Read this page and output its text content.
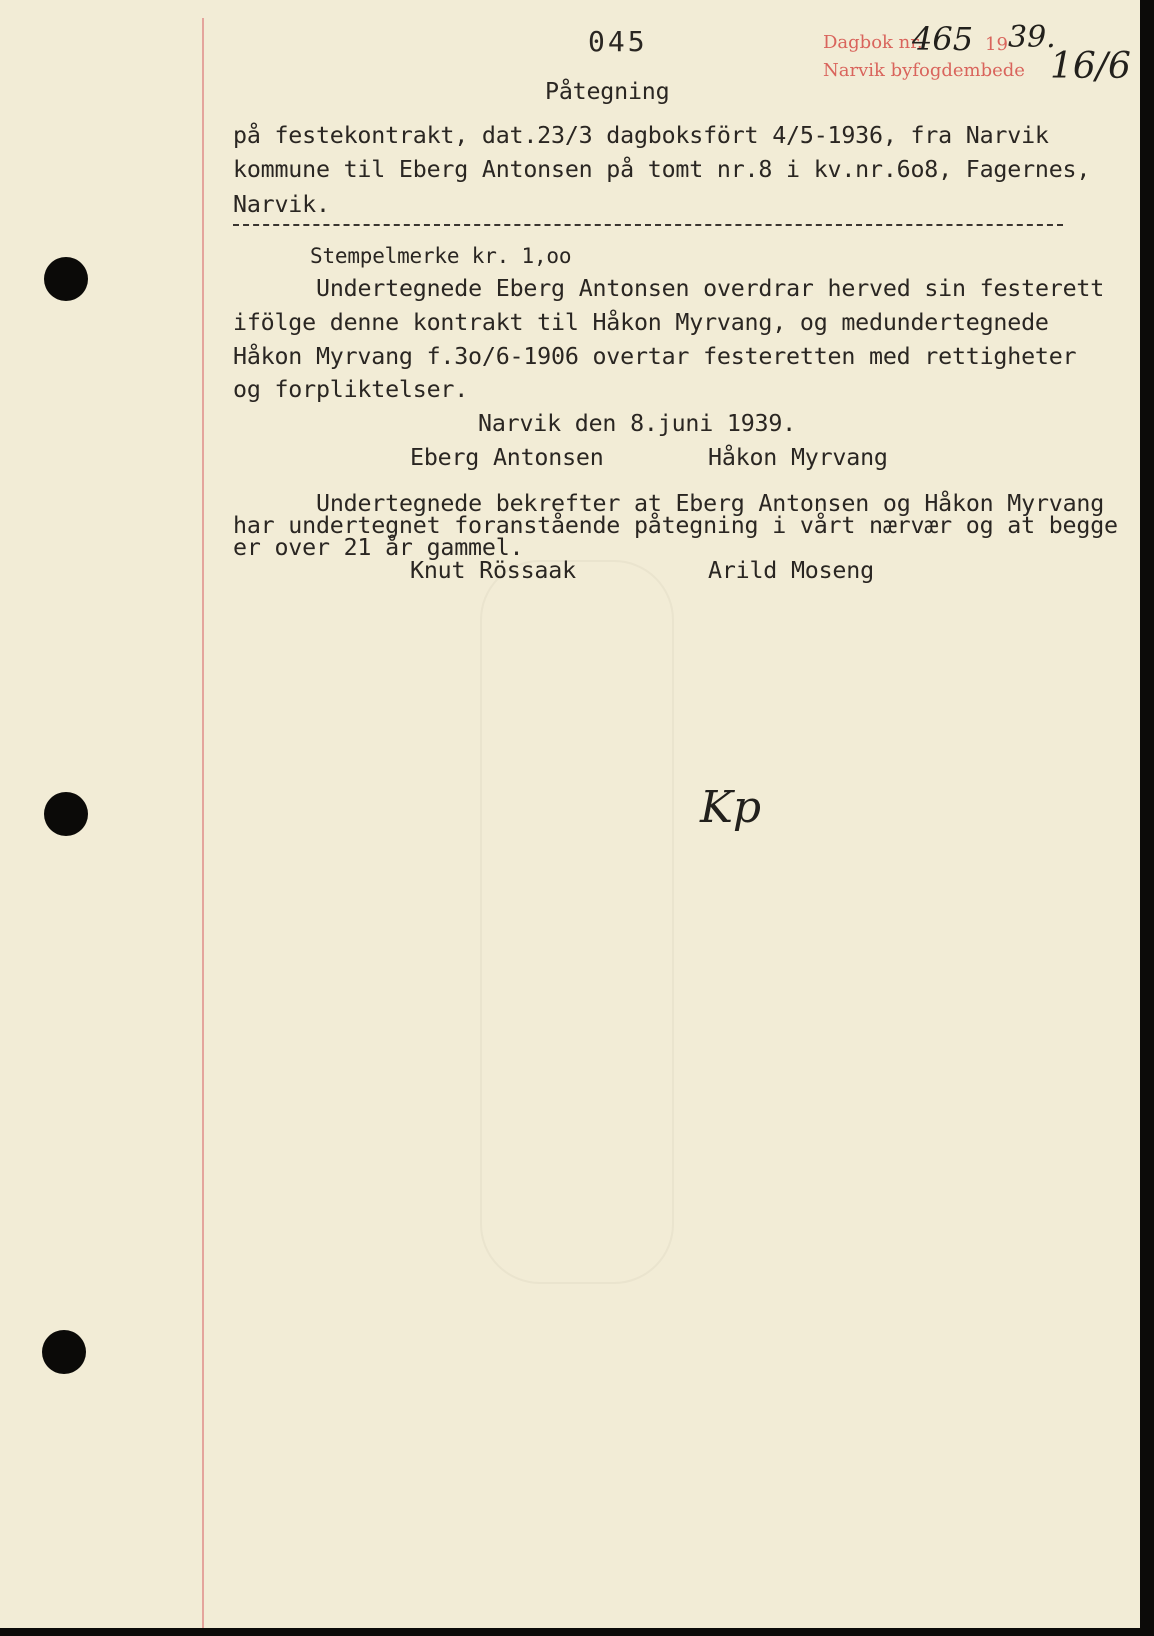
045	Dagbok nr.
465 19 39.
Narvik byfogdembede 16/6
Påtegning
på festekontrakt, dat.23/3 dagboksfört 4/5-1936, fra Narvik
kommune til Eberg Antonsen på tomt nr.8 i kv.nr.6o8, Fagernes,
Narvik.
Stempelmerke kr. 1,oo
Undertegnede Eberg Antonsen overdrar herved sin festerett
ifölge denne kontrakt til Håkon Myrvang, og medundertegnede
Håkon Myrvang f.3o/6-1906 overtar festeretten med rettigheter
og forpliktelser.
Narvik den 8.juni 1939.
Eberg Antonsen	Håkon Myrvang
Undertegnede bekrefter at Eberg Antonsen og Håkon Myrvang
har undertegnet foranstående påtegning i vårt nærvær og at begge
er over 21 år gammel.
Knut Rössaak	Arild Moseng
Kp
